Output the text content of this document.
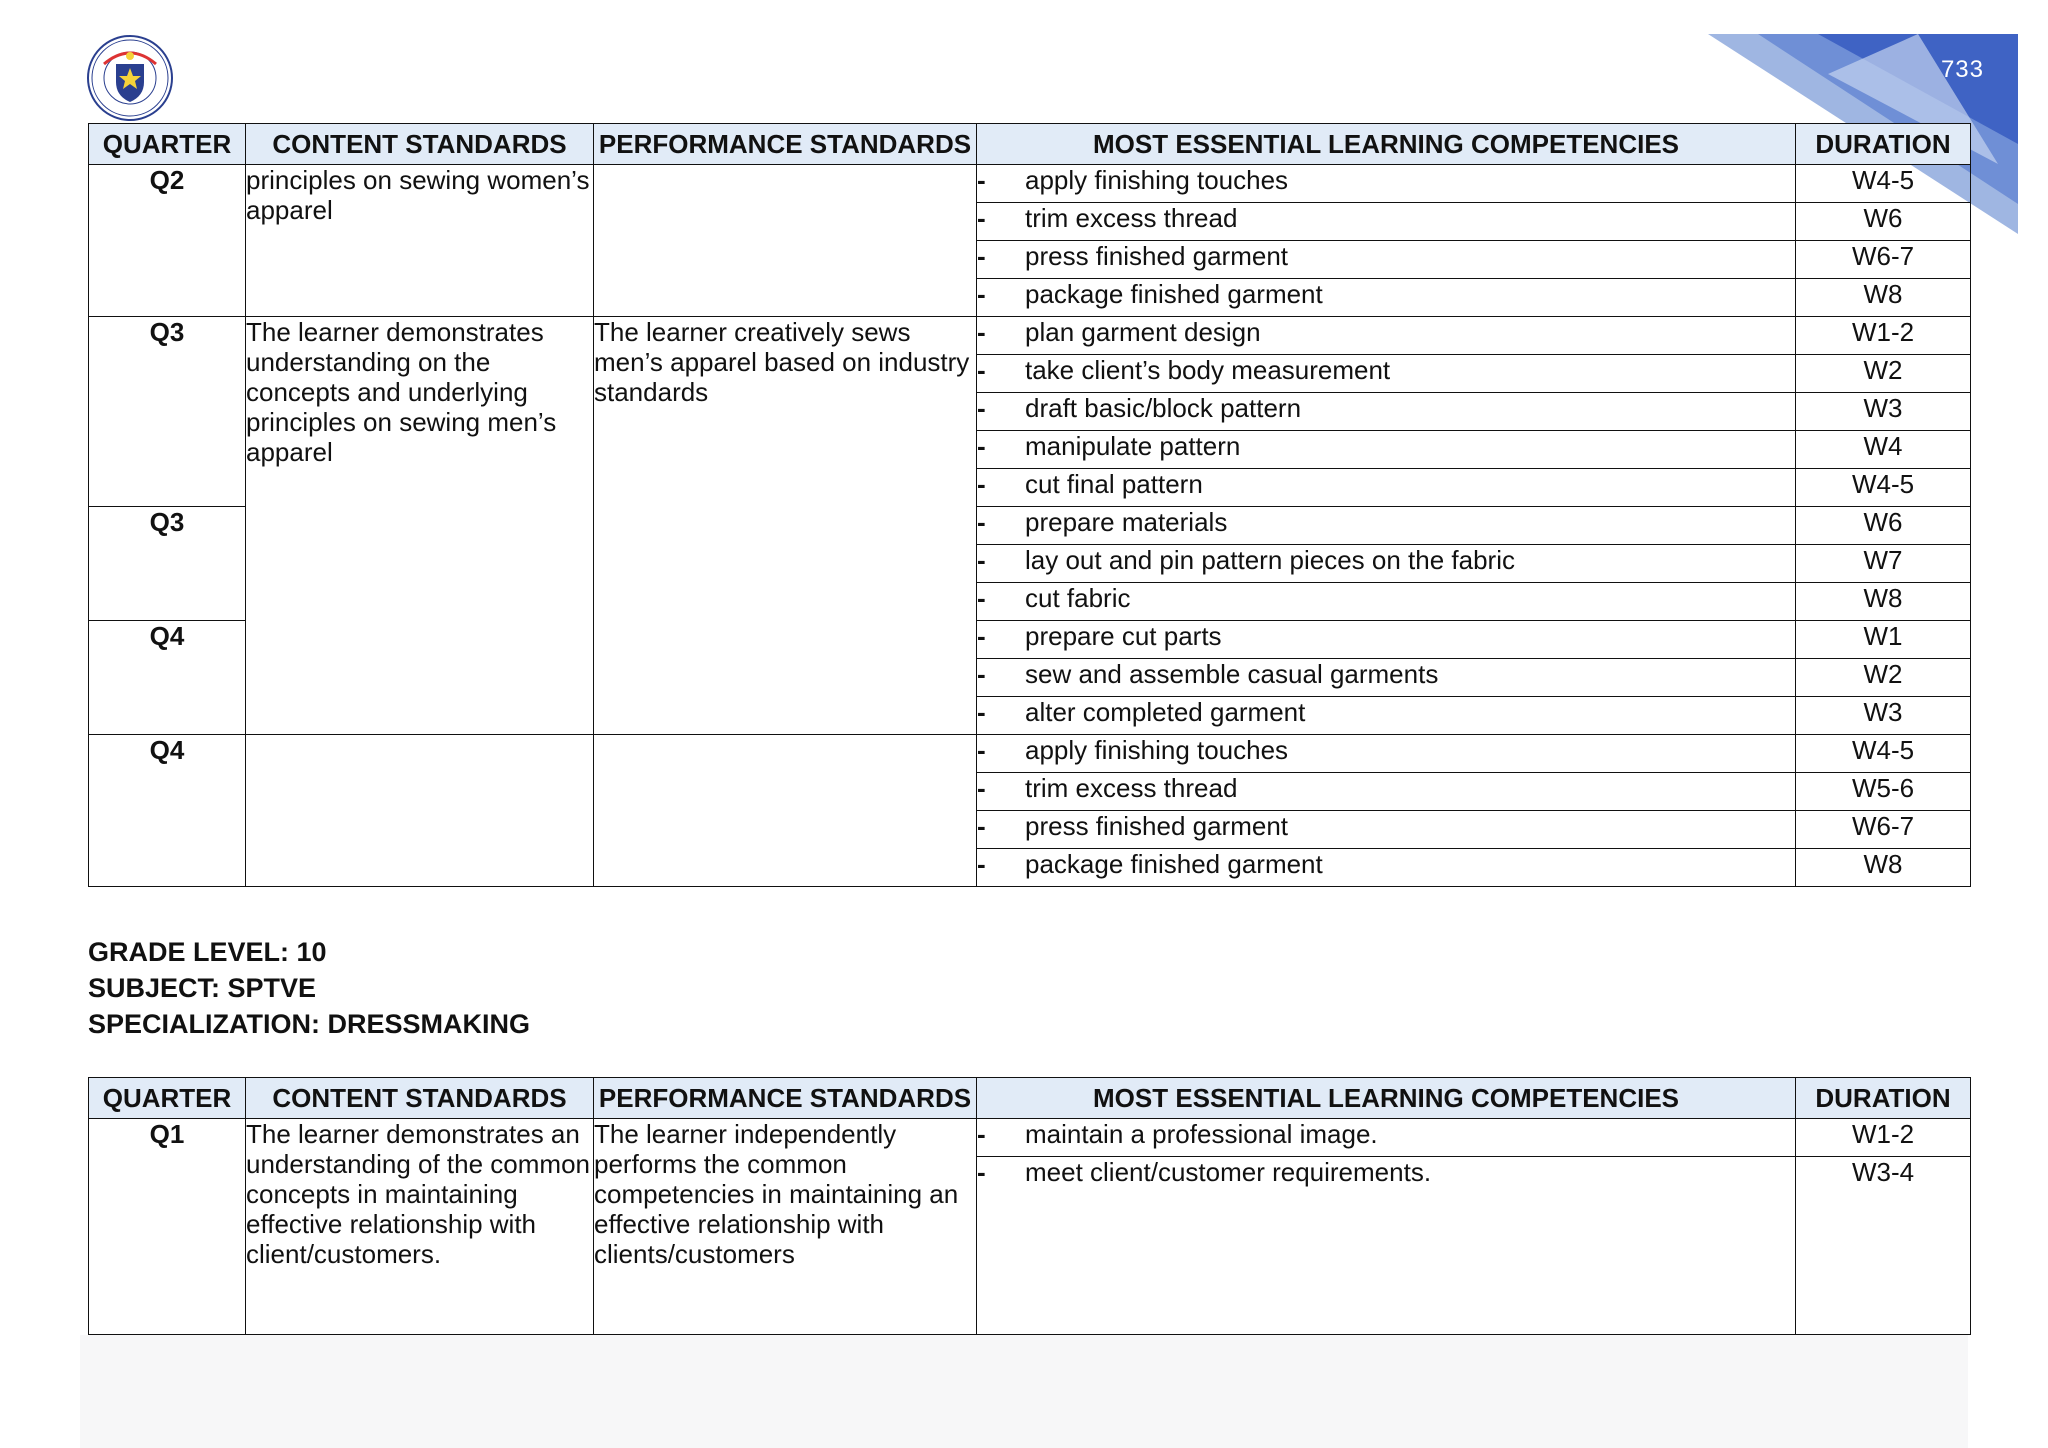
733
QUARTER	CONTENT STANDARDS	PERFORMANCE STANDARDS	MOST ESSENTIAL LEARNING COMPETENCIES	DURATION
Q2	principles on sewing women’s apparel		- apply finishing touches	W4-5
			- trim excess thread	W6
			- press finished garment	W6-7
			- package finished garment	W8
Q3	The learner demonstrates understanding on the concepts and underlying principles on sewing men’s apparel	The learner creatively sews men’s apparel based on industry standards	- plan garment design	W1-2
			- take client’s body measurement	W2
			- draft basic/block pattern	W3
			- manipulate pattern	W4
			- cut final pattern	W4-5
Q3			- prepare materials	W6
			- lay out and pin pattern pieces on the fabric	W7
			- cut fabric	W8
Q4			- prepare cut parts	W1
			- sew and assemble casual garments	W2
			- alter completed garment	W3
Q4			- apply finishing touches	W4-5
			- trim excess thread	W5-6
			- press finished garment	W6-7
			- package finished garment	W8
GRADE LEVEL: 10
SUBJECT: SPTVE
SPECIALIZATION: DRESSMAKING
QUARTER	CONTENT STANDARDS	PERFORMANCE STANDARDS	MOST ESSENTIAL LEARNING COMPETENCIES	DURATION
Q1	The learner demonstrates an understanding of the common concepts in maintaining effective relationship with client/customers.	The learner independently performs the common competencies in maintaining an effective relationship with clients/customers	- maintain a professional image.	W1-2
			- meet client/customer requirements.	W3-4
